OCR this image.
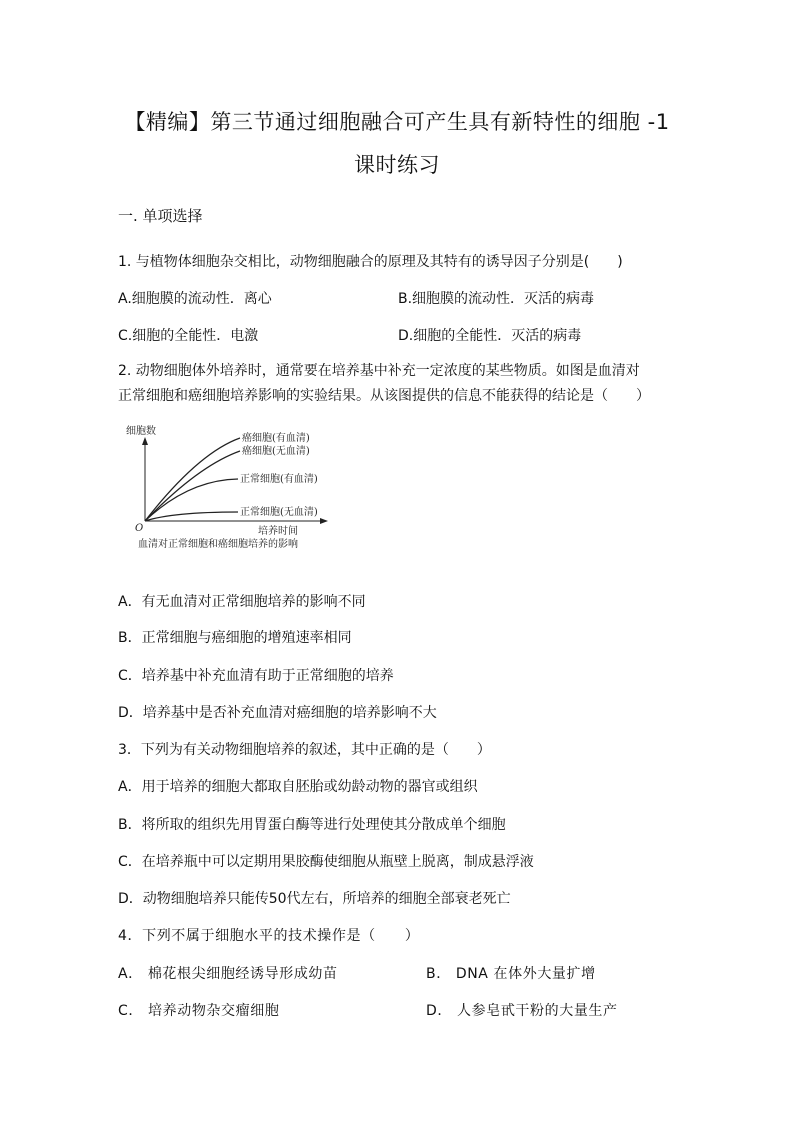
【精编】第三节通过细胞融合可产生具有新特性的细胞 -1
课时练习
一. 单项选择
1. 与植物体细胞杂交相比，动物细胞融合的原理及其特有的诱导因子分别是(　　)
A.细胞膜的流动性．离心	B.细胞膜的流动性．灭活的病毒
C.细胞的全能性．电激	D.细胞的全能性．灭活的病毒
2. 动物细胞体外培养时，通常要在培养基中补充一定浓度的某些物质。如图是血清对
正常细胞和癌细胞培养影响的实验结果。从该图提供的信息不能获得的结论是（　　）
细胞数
O	培养时间
癌细胞(有血清)
癌细胞(无血清)
正常细胞(有血清)
正常细胞(无血清)
血清对正常细胞和癌细胞培养的影响
A．有无血清对正常细胞培养的影响不同
B．正常细胞与癌细胞的增殖速率相同
C．培养基中补充血清有助于正常细胞的培养
D．培养基中是否补充血清对癌细胞的培养影响不大
3．下列为有关动物细胞培养的叙述，其中正确的是（　　）
A．用于培养的细胞大都取自胚胎或幼龄动物的器官或组织
B．将所取的组织先用胃蛋白酶等进行处理使其分散成单个细胞
C．在培养瓶中可以定期用果胶酶使细胞从瓶壁上脱离，制成悬浮液
D．动物细胞培养只能传50代左右，所培养的细胞全部衰老死亡
4．下列不属于细胞水平的技术操作是（　　）
A． 棉花根尖细胞经诱导形成幼苗	B． DNA 在体外大量扩增
C． 培养动物杂交瘤细胞	D． 人参皂甙干粉的大量生产
